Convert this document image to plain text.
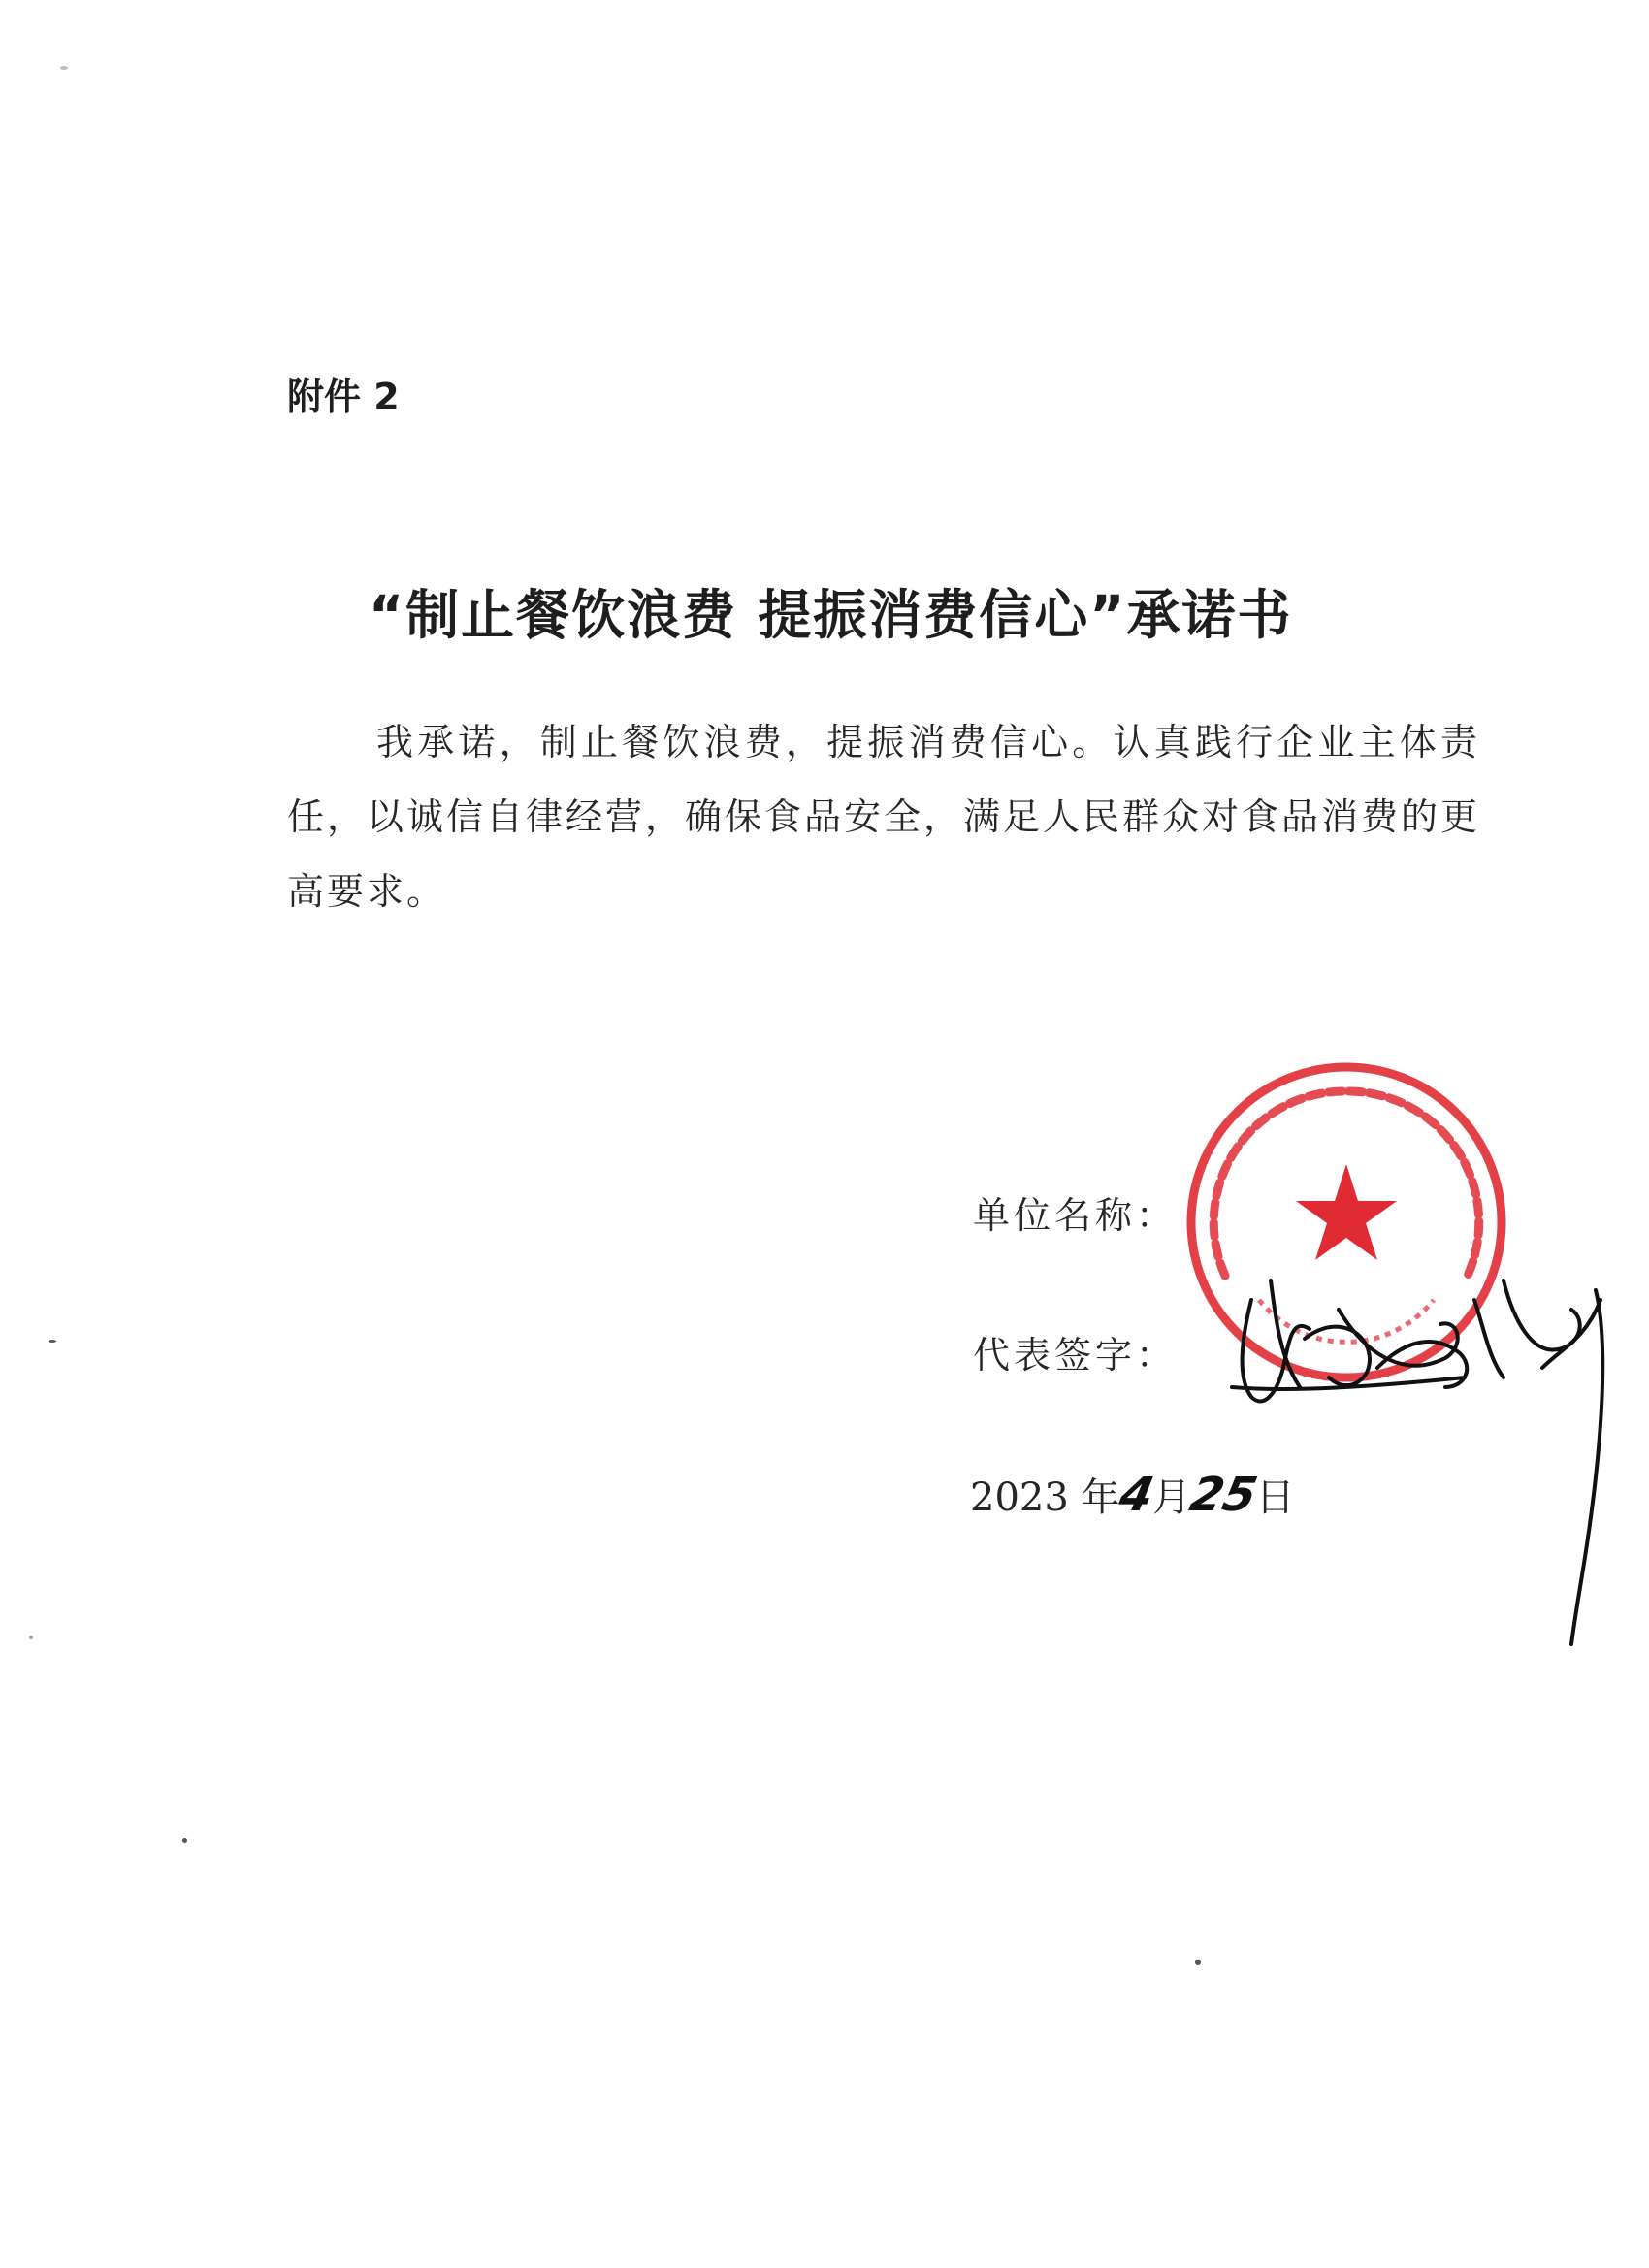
附件 2
“制止餐饮浪费 提振消费信心”承诺书
我承诺，制止餐饮浪费，提振消费信心。认真践行企业主体责任，以诚信自律经营，确保食品安全，满足人民群众对食品消费的更高要求。
单位名称：
代表签字：
2023 年4月25日
